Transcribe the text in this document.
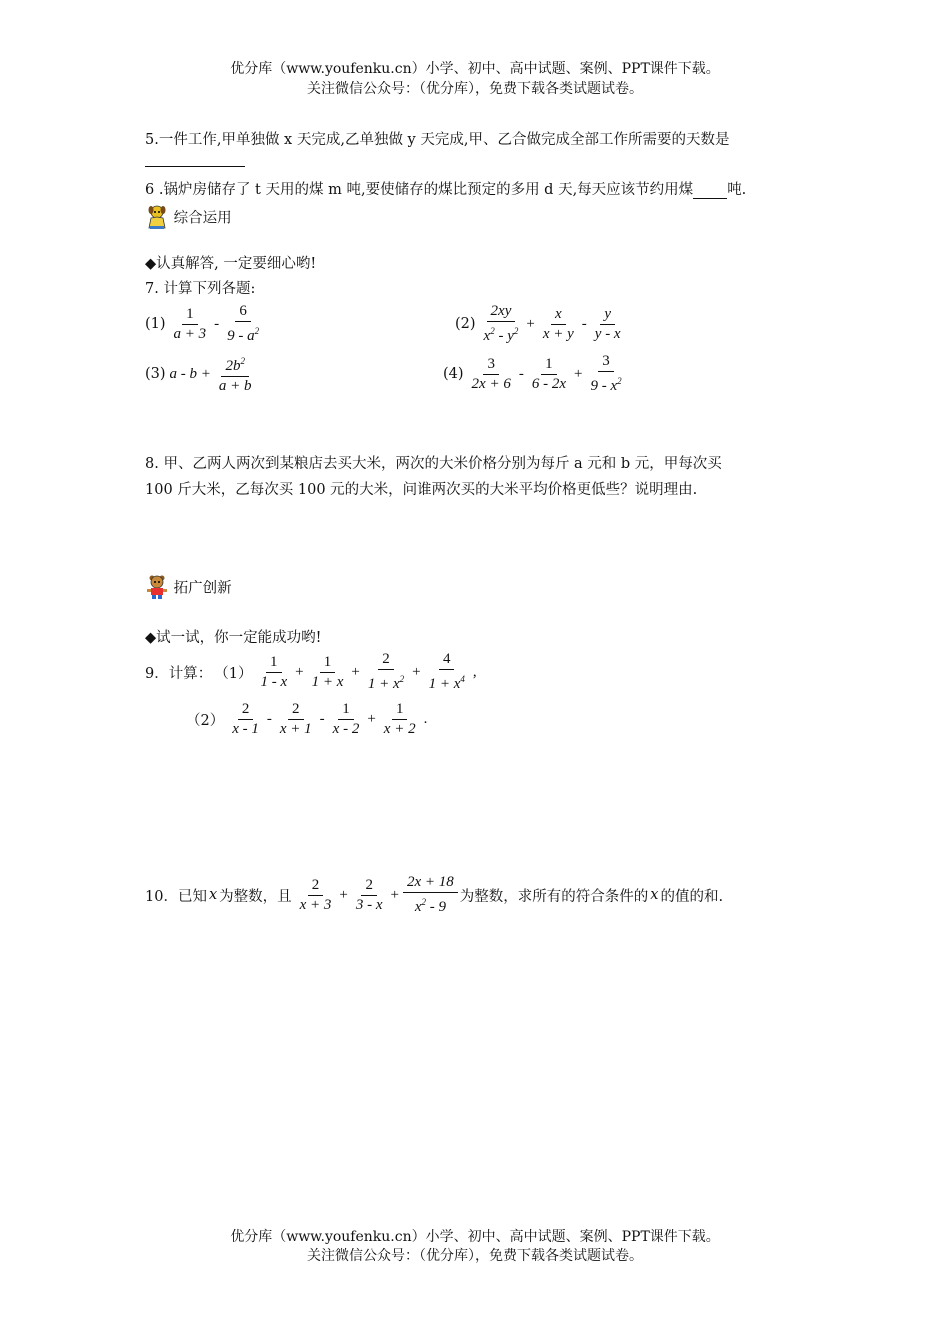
优分库（www.youfenku.cn）小学、初中、高中试题、案例、PPT课件下载。
关注微信公众号：（优分库），免费下载各类试题试卷。
5.一件工作,甲单独做 x 天完成,乙单独做 y 天完成,甲、乙合做完成全部工作所需要的天数是
6 .锅炉房储存了 t 天用的煤 m 吨,要使储存的煤比预定的多用 d 天,每天应该节约用煤 吨.
综合运用
◆认真解答, 一定要细心哟!
7. 计算下列各题:
$(1) \frac{1}{a + 3} - \frac{6}{9 - a^2}$	$(2) \frac{2xy}{x^2 - y^2} + \frac{x}{x + y} - \frac{y}{y - x}$
(3) $a - b + \frac{2b^2}{a + b}$	$(4) \frac{3}{2x + 6} - \frac{1}{6 - 2x} + \frac{3}{9 - x^2}$
8. 甲、乙两人两次到某粮店去买大米，两次的大米价格分别为每斤 a 元和 b 元，甲每次买
100 斤大米，乙每次买 100 元的大米，问谁两次买的大米平均价格更低些？说明理由.
拓广创新
◆试一试，你一定能成功哟!
9．计算： $(1) \frac{1}{1 - x} + \frac{1}{1 + x} + \frac{2}{1 + x^2} + \frac{4}{1 + x^4}$ ,
$(2) \frac{2}{x - 1} - \frac{2}{x + 1} - \frac{1}{x - 2} + \frac{1}{x + 2}$ .
10．已知 x 为整数，且 $\frac{2}{x + 3} + \frac{2}{3 - x} + \frac{2x + 18}{x^2 - 9}$ 为整数，求所有的符合条件的 x 的值的和.
优分库（www.youfenku.cn）小学、初中、高中试题、案例、PPT课件下载。
关注微信公众号：（优分库），免费下载各类试题试卷。
